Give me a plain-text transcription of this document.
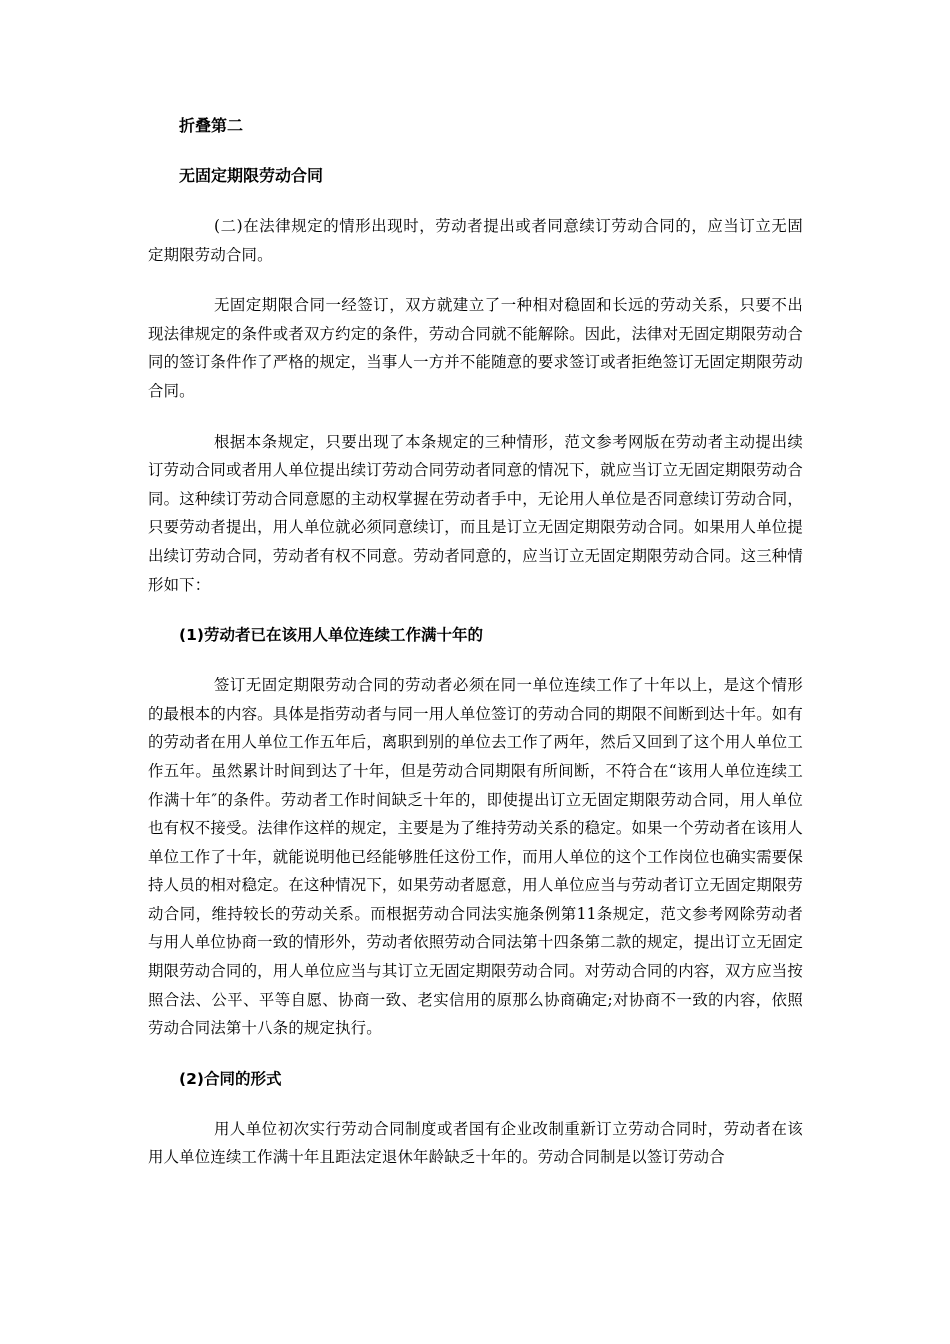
折叠第二

无固定期限劳动合同

(二)在法律规定的情形出现时，劳动者提出或者同意续订劳动合同的，应当订立无固定期限劳动合同。

无固定期限合同一经签订，双方就建立了一种相对稳固和长远的劳动关系，只要不出现法律规定的条件或者双方约定的条件，劳动合同就不能解除。因此，法律对无固定期限劳动合同的签订条件作了严格的规定，当事人一方并不能随意的要求签订或者拒绝签订无固定期限劳动合同。

根据本条规定，只要出现了本条规定的三种情形，范文参考网版在劳动者主动提出续订劳动合同或者用人单位提出续订劳动合同劳动者同意的情况下，就应当订立无固定期限劳动合同。这种续订劳动合同意愿的主动权掌握在劳动者手中，无论用人单位是否同意续订劳动合同，只要劳动者提出，用人单位就必须同意续订，而且是订立无固定期限劳动合同。如果用人单位提出续订劳动合同，劳动者有权不同意。劳动者同意的，应当订立无固定期限劳动合同。这三种情形如下：

(1)劳动者已在该用人单位连续工作满十年的

签订无固定期限劳动合同的劳动者必须在同一单位连续工作了十年以上，是这个情形的最根本的内容。具体是指劳动者与同一用人单位签订的劳动合同的期限不间断到达十年。如有的劳动者在用人单位工作五年后，离职到别的单位去工作了两年，然后又回到了这个用人单位工作五年。虽然累计时间到达了十年，但是劳动合同期限有所间断，不符合在“该用人单位连续工作满十年″的条件。劳动者工作时间缺乏十年的，即使提出订立无固定期限劳动合同，用人单位也有权不接受。法律作这样的规定，主要是为了维持劳动关系的稳定。如果一个劳动者在该用人单位工作了十年，就能说明他已经能够胜任这份工作，而用人单位的这个工作岗位也确实需要保持人员的相对稳定。在这种情况下，如果劳动者愿意，用人单位应当与劳动者订立无固定期限劳动合同，维持较长的劳动关系。而根据劳动合同法实施条例第11条规定，范文参考网除劳动者与用人单位协商一致的情形外，劳动者依照劳动合同法第十四条第二款的规定，提出订立无固定期限劳动合同的，用人单位应当与其订立无固定期限劳动合同。对劳动合同的内容，双方应当按照合法、公平、平等自愿、协商一致、老实信用的原那么协商确定;对协商不一致的内容，依照劳动合同法第十八条的规定执行。

(2)合同的形式

用人单位初次实行劳动合同制度或者国有企业改制重新订立劳动合同时，劳动者在该用人单位连续工作满十年且距法定退休年龄缺乏十年的。劳动合同制是以签订劳动合
